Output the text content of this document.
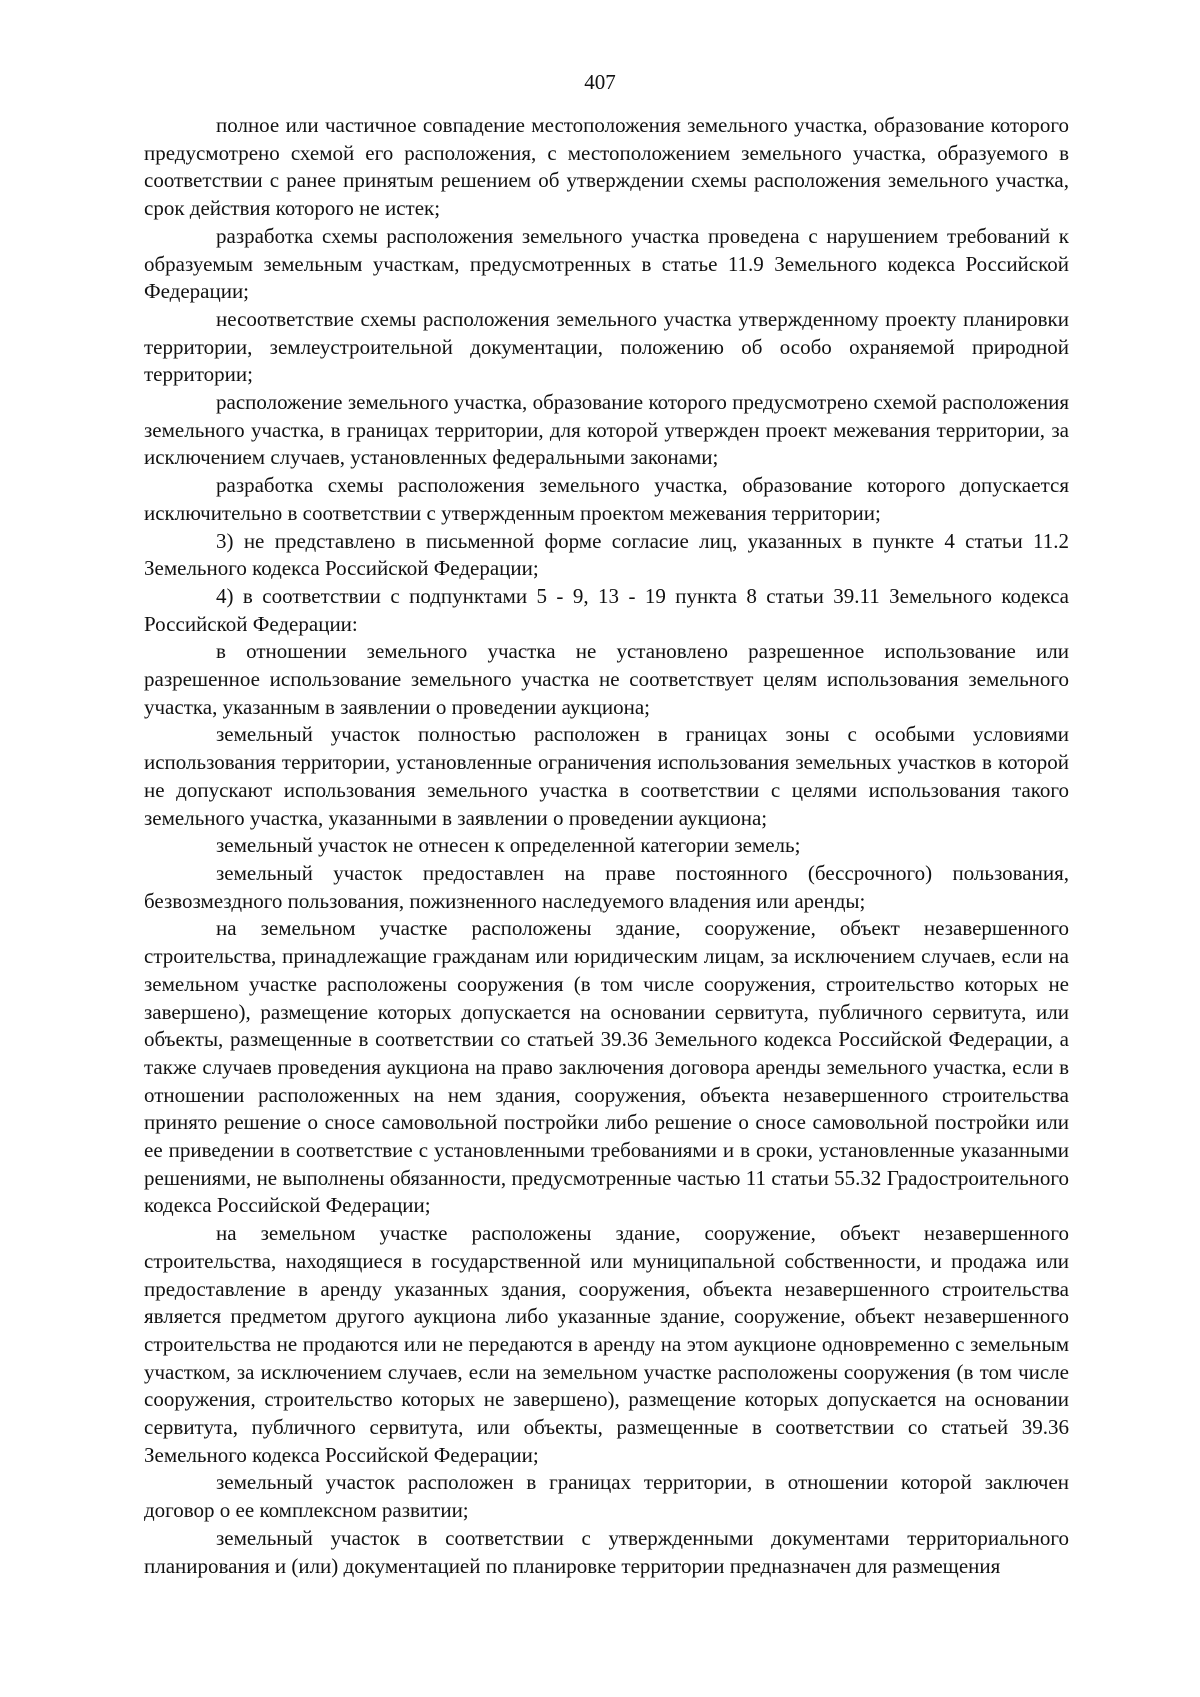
407

полное или частичное совпадение местоположения земельного участка, образование которого предусмотрено схемой его расположения, с местоположением земельного участка, образуемого в соответствии с ранее принятым решением об утверждении схемы расположения земельного участка, срок действия которого не истек;

разработка схемы расположения земельного участка проведена с нарушением требований к образуемым земельным участкам, предусмотренных в статье 11.9 Земельного кодекса Российской Федерации;

несоответствие схемы расположения земельного участка утвержденному проекту планировки территории, землеустроительной документации, положению об особо охраняемой природной территории;

расположение земельного участка, образование которого предусмотрено схемой расположения земельного участка, в границах территории, для которой утвержден проект межевания территории, за исключением случаев, установленных федеральными законами;

разработка схемы расположения земельного участка, образование которого допускается исключительно в соответствии с утвержденным проектом межевания территории;

3) не представлено в письменной форме согласие лиц, указанных в пункте 4 статьи 11.2 Земельного кодекса Российской Федерации;

4) в соответствии с подпунктами 5 - 9, 13 - 19 пункта 8 статьи 39.11 Земельного кодекса Российской Федерации:

в отношении земельного участка не установлено разрешенное использование или разрешенное использование земельного участка не соответствует целям использования земельного участка, указанным в заявлении о проведении аукциона;

земельный участок полностью расположен в границах зоны с особыми условиями использования территории, установленные ограничения использования земельных участков в которой не допускают использования земельного участка в соответствии с целями использования такого земельного участка, указанными в заявлении о проведении аукциона;

земельный участок не отнесен к определенной категории земель;

земельный участок предоставлен на праве постоянного (бессрочного) пользования, безвозмездного пользования, пожизненного наследуемого владения или аренды;

на земельном участке расположены здание, сооружение, объект незавершенного строительства, принадлежащие гражданам или юридическим лицам, за исключением случаев, если на земельном участке расположены сооружения (в том числе сооружения, строительство которых не завершено), размещение которых допускается на основании сервитута, публичного сервитута, или объекты, размещенные в соответствии со статьей 39.36 Земельного кодекса Российской Федерации, а также случаев проведения аукциона на право заключения договора аренды земельного участка, если в отношении расположенных на нем здания, сооружения, объекта незавершенного строительства принято решение о сносе самовольной постройки либо решение о сносе самовольной постройки или ее приведении в соответствие с установленными требованиями и в сроки, установленные указанными решениями, не выполнены обязанности, предусмотренные частью 11 статьи 55.32 Градостроительного кодекса Российской Федерации;

на земельном участке расположены здание, сооружение, объект незавершенного строительства, находящиеся в государственной или муниципальной собственности, и продажа или предоставление в аренду указанных здания, сооружения, объекта незавершенного строительства является предметом другого аукциона либо указанные здание, сооружение, объект незавершенного строительства не продаются или не передаются в аренду на этом аукционе одновременно с земельным участком, за исключением случаев, если на земельном участке расположены сооружения (в том числе сооружения, строительство которых не завершено), размещение которых допускается на основании сервитута, публичного сервитута, или объекты, размещенные в соответствии со статьей 39.36 Земельного кодекса Российской Федерации;

земельный участок расположен в границах территории, в отношении которой заключен договор о ее комплексном развитии;

земельный участок в соответствии с утвержденными документами территориального планирования и (или) документацией по планировке территории предназначен для размещения
